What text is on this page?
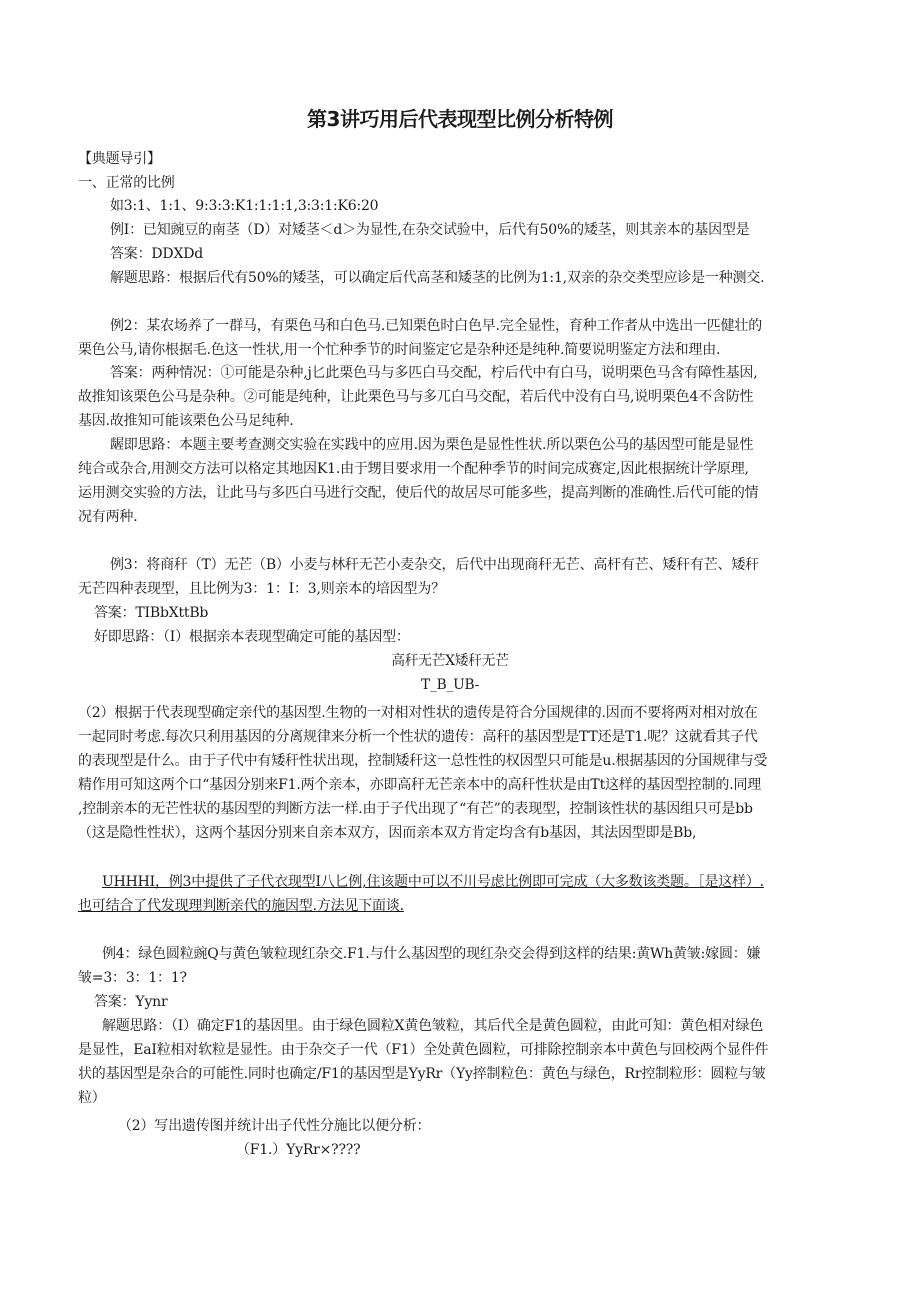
第3讲巧用后代表现型比例分析特例
【典题导引】
一、正常的比例
如3:1、1:1、9:3:3:K1:1:1:1,3:3:1:K6:20
例I：已知豌豆的南茎（D）对矮茎＜d＞为显性,在杂交试验中，后代有50%的矮茎，则其亲本的基因型是
答案：DDXDd
解题思路：根据后代有50%的矮茎，可以确定后代高茎和矮茎的比例为1:1,双亲的杂交类型应诊是一种测交.
例2：某农场养了一群马，有栗色马和白色马.已知栗色时白色早.完全显性，育种工作者从中选出一匹健壮的
栗色公马,请你根据毛.色这一性状,用一个忙种季节的时间鉴定它是杂种还是纯种.简要说明鉴定方法和理由.
答案：两种情况：①可能是杂种,j匕此栗色马与多匹白马交配，柠后代中有白马，说明栗色马含有障性基因,
故推知该栗色公马是杂种。②可能是纯种，让此栗色马与多兀白马交配，若后代中没有白马,说明栗色4不含防性
基因.故推知可能该栗色公马足纯种.
龌即思路：本题主要考查测交实验在实践中的应用.因为栗色是显性性状.所以栗色公马的基因型可能是显性
纯合或杂合,用测交方法可以格定其地因K1.由于甥目要求用一个配种季节的时间完成赛定,因此根据统计学原理,
运用测交实验的方法，让此马与多匹白马进行交配，使后代的故居尽可能多些，提高判断的准确性.后代可能的情
况有两种.
例3：将商秆（T）无芒（B）小麦与林秆无芒小麦杂交，后代中出现商秆无芒、高杆有芒、矮秆有芒、矮秆
无芒四种表现型，且比例为3：1：I：3,则亲本的培因型为？
答案：TIBbXttBb
好即思路：（I）根据亲本表现型确定可能的基因型：
高秆无芒X矮秆无芒
T_B_UB-
（2）根据于代表现型确定亲代的基因型.生物的一对相对性状的遗传是符合分国规律的.因而不要将两对相对放在
一起同时考虑.每次只利用基因的分离规律来分析一个性状的遗传：高秆的基因型是TT还是T1.呢？这就看其子代
的表现型是什么。由于子代中有矮秆性状出现，控制矮秆这一总性性的权因型只可能是u.根据基因的分国规律与受
精作用可知这两个口“基因分别来F1.两个亲本，亦即高秆无芒亲本中的高秆性状是由Tt这样的基因型控制的.同理
,控制亲本的无芒性状的基因型的判断方法一样.由于子代出现了“有芒”的表现型，控制该性状的基因组只可是bb
（这是隐性性状），这两个基因分别来自亲本双方，因而亲本双方肯定均含有b基因，其法因型即是Bb,
UHHHI，例3中提供了子代衣现型I八匕例,住该题中可以不川号虑比例即可完成（大多数该类题。［是这样）.
也可结合了代发现理判断亲代的施因型.方法见下面谈.
例4：绿色圆粒豌Q与黄色皱粒现红杂交.F1.与什么基因型的现红杂交会得到这样的结果:黄Wh黄皱:嫁圆：嫌
皱=3：3：1：1?
答案：Yynr
解题思路：（I）确定F1的基因里。由于绿色圆粒X黄色皱粒，其后代全是黄色圆粒，由此可知：黄色相对绿色
是显性，EaI粒相对软粒是显性。由于杂交子一代（F1）全处黄色圆粒，可排除控制亲本中黄色与回校两个显件件
状的基因型是杂合的可能性.同时也确定/F1的基因型是YyRr（Yy捽制粒色：黄色与绿色，Rr控制粒形：圆粒与皱
粒）
（2）写出遗传图并统计出子代性分施比以便分析：
（F1.）YyRr×????
